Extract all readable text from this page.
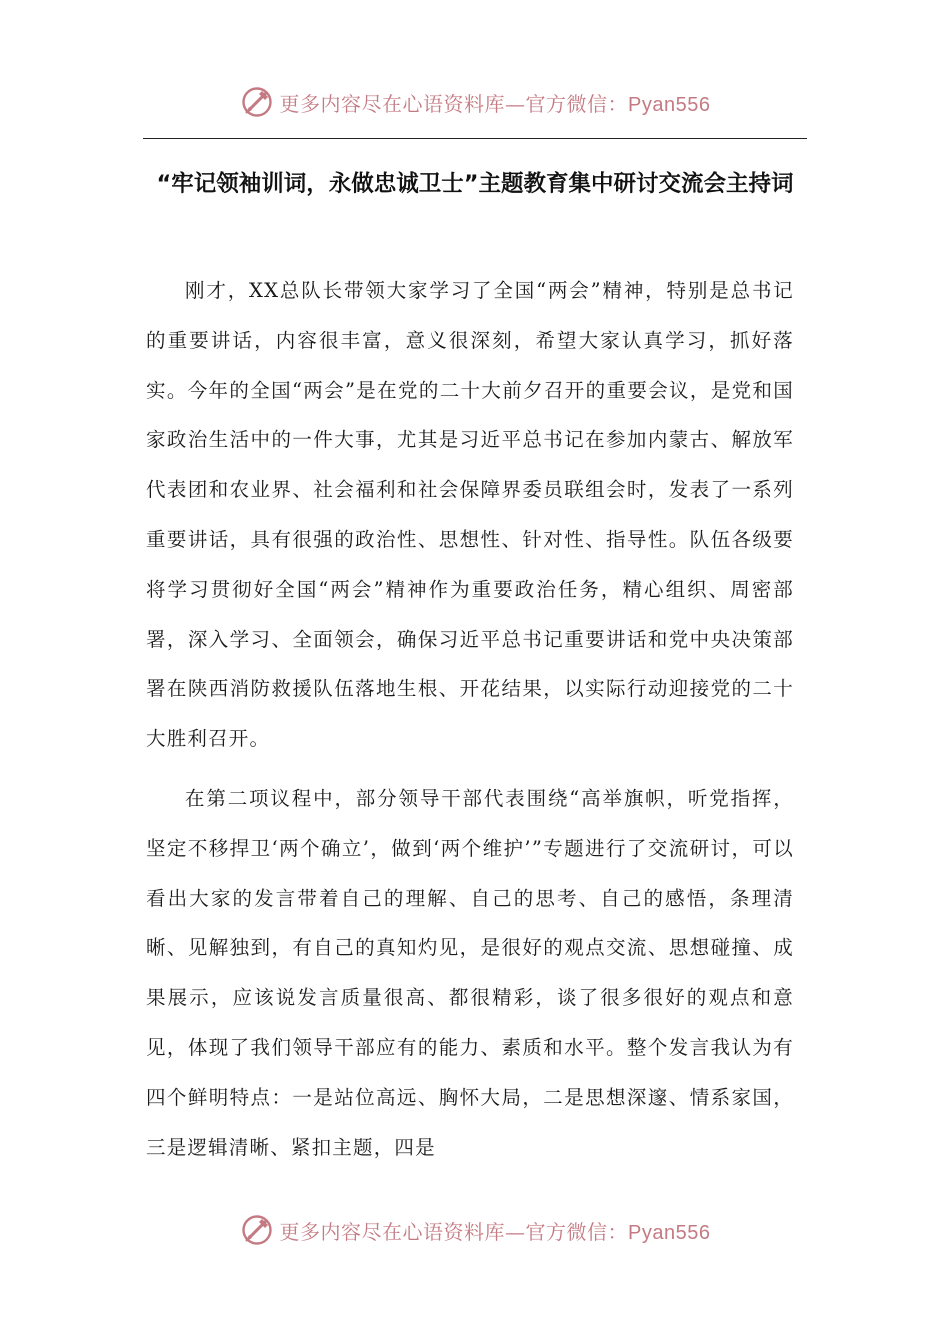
更多内容尽在心语资料库—官方微信：Pyan556
“牢记领袖训词，永做忠诚卫士”主题教育集中研讨交流会主持词

刚才，XX总队长带领大家学习了全国“两会”精神，特别是总书记的重要讲话，内容很丰富，意义很深刻，希望大家认真学习，抓好落实。今年的全国“两会”是在党的二十大前夕召开的重要会议，是党和国家政治生活中的一件大事，尤其是习近平总书记在参加内蒙古、解放军代表团和农业界、社会福利和社会保障界委员联组会时，发表了一系列重要讲话，具有很强的政治性、思想性、针对性、指导性。队伍各级要将学习贯彻好全国“两会”精神作为重要政治任务，精心组织、周密部署，深入学习、全面领会，确保习近平总书记重要讲话和党中央决策部署在陕西消防救援队伍落地生根、开花结果，以实际行动迎接党的二十大胜利召开。

在第二项议程中，部分领导干部代表围绕“高举旗帜，听党指挥，坚定不移捍卫‘两个确立’，做到‘两个维护’”专题进行了交流研讨，可以看出大家的发言带着自己的理解、自己的思考、自己的感悟，条理清晰、见解独到，有自己的真知灼见，是很好的观点交流、思想碰撞、成果展示，应该说发言质量很高、都很精彩，谈了很多很好的观点和意见，体现了我们领导干部应有的能力、素质和水平。整个发言我认为有四个鲜明特点：一是站位高远、胸怀大局，二是思想深邃、情系家国，三是逻辑清晰、紧扣主题，四是

更多内容尽在心语资料库—官方微信：Pyan556
